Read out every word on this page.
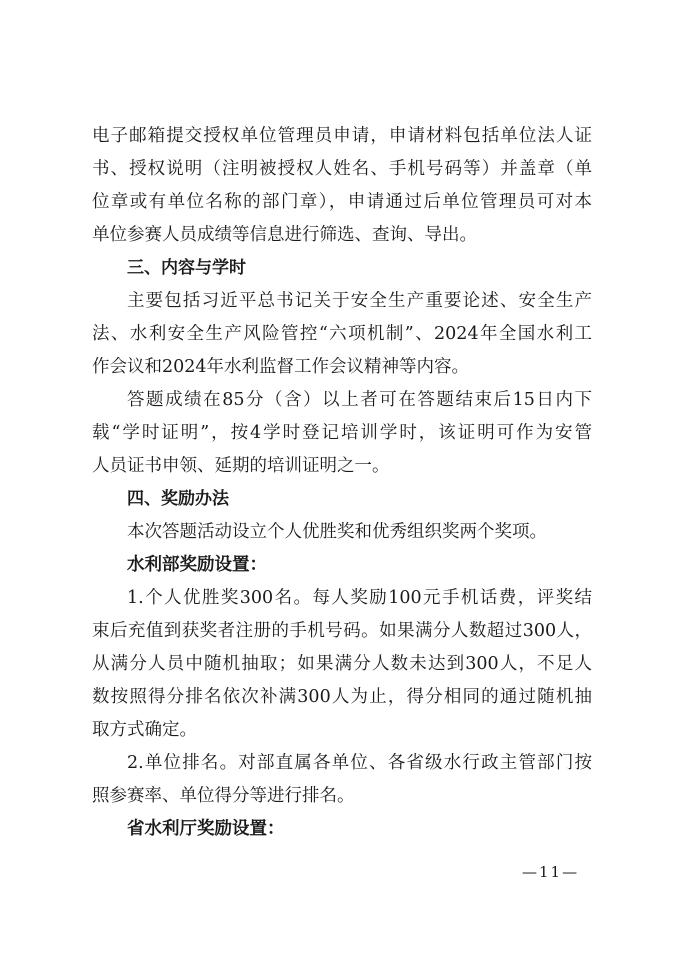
电子邮箱提交授权单位管理员申请，申请材料包括单位法人证
书、授权说明（注明被授权人姓名、手机号码等）并盖章（单
位章或有单位名称的部门章），申请通过后单位管理员可对本
单位参赛人员成绩等信息进行筛选、查询、导出。
三、内容与学时
主要包括习近平总书记关于安全生产重要论述、安全生产
法、水利安全生产风险管控“六项机制”、2024年全国水利工
作会议和2024年水利监督工作会议精神等内容。
答题成绩在85分（含）以上者可在答题结束后15日内下
载“学时证明”，按4学时登记培训学时，该证明可作为安管
人员证书申领、延期的培训证明之一。
四、奖励办法
本次答题活动设立个人优胜奖和优秀组织奖两个奖项。
水利部奖励设置：
1.个人优胜奖300名。每人奖励100元手机话费，评奖结
束后充值到获奖者注册的手机号码。如果满分人数超过300人，
从满分人员中随机抽取；如果满分人数未达到300人，不足人
数按照得分排名依次补满300人为止，得分相同的通过随机抽
取方式确定。
2.单位排名。对部直属各单位、各省级水行政主管部门按
照参赛率、单位得分等进行排名。
省水利厅奖励设置：
—11—
